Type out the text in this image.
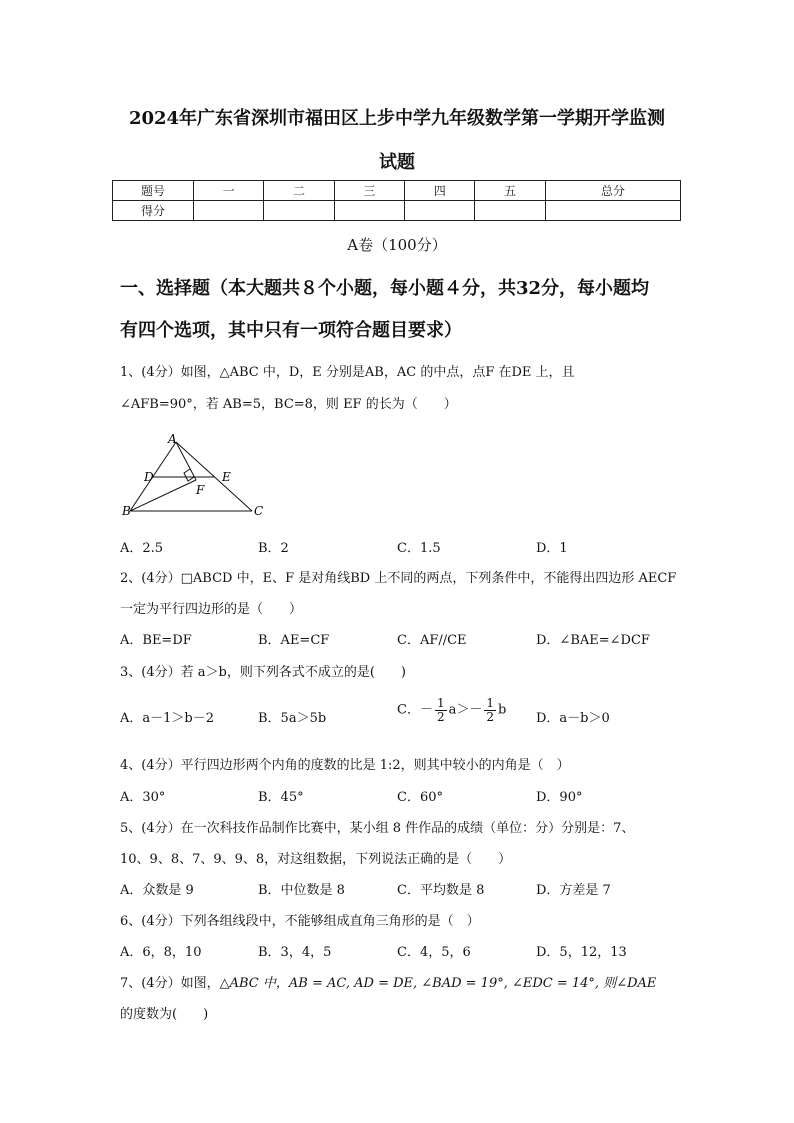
2024年广东省深圳市福田区上步中学九年级数学第一学期开学监测
试题
题号	一	二	三	四	五	总分
得分						
A卷（100分）
一、选择题（本大题共８个小题，每小题４分，共32分，每小题均
有四个选项，其中只有一项符合题目要求）
1、(4分）如图，△ABC 中，D，E 分别是AB，AC 的中点，点F 在DE 上，且
∠AFB=90°，若 AB=5，BC=8，则 EF 的长为（　　）
A
D	E
F
B	C
A．2.5	B．2	C．1.5	D．1
2、(4分）□ABCD 中，E、F 是对角线BD 上不同的两点，下列条件中，不能得出四边形 AECF
一定为平行四边形的是（　　）
A．BE=DF	B．AE=CF	C．AF//CE	D．∠BAE=∠DCF
3、(4分）若 a＞b，则下列各式不成立的是(　　)
A．a－1＞b－2	B．5a＞5b
C．－ $\frac{1}{2} a>- \frac{1}{2}$ b
D．a－b＞0
4、(4分）平行四边形两个内角的度数的比是 1:2，则其中较小的内角是（　）
A．30°	B．45°	C．60°	D．90°
5、(4分）在一次科技作品制作比赛中，某小组 8 件作品的成绩（单位：分）分别是：7、
10、9、8、7、9、9、8，对这组数据，下列说法正确的是（　　）
A．众数是 9	B．中位数是 8	C．平均数是 8	D．方差是 7
6、(4分）下列各组线段中，不能够组成直角三角形的是（　）
A．6，8，10	B．3，4，5	C．4，5，6	D．5，12，13
7、(4分）如图，△ABC 中，AB = AC, AD = DE, ∠BAD = 19°, ∠EDC = 14°, 则∠DAE
的度数为(　　)
